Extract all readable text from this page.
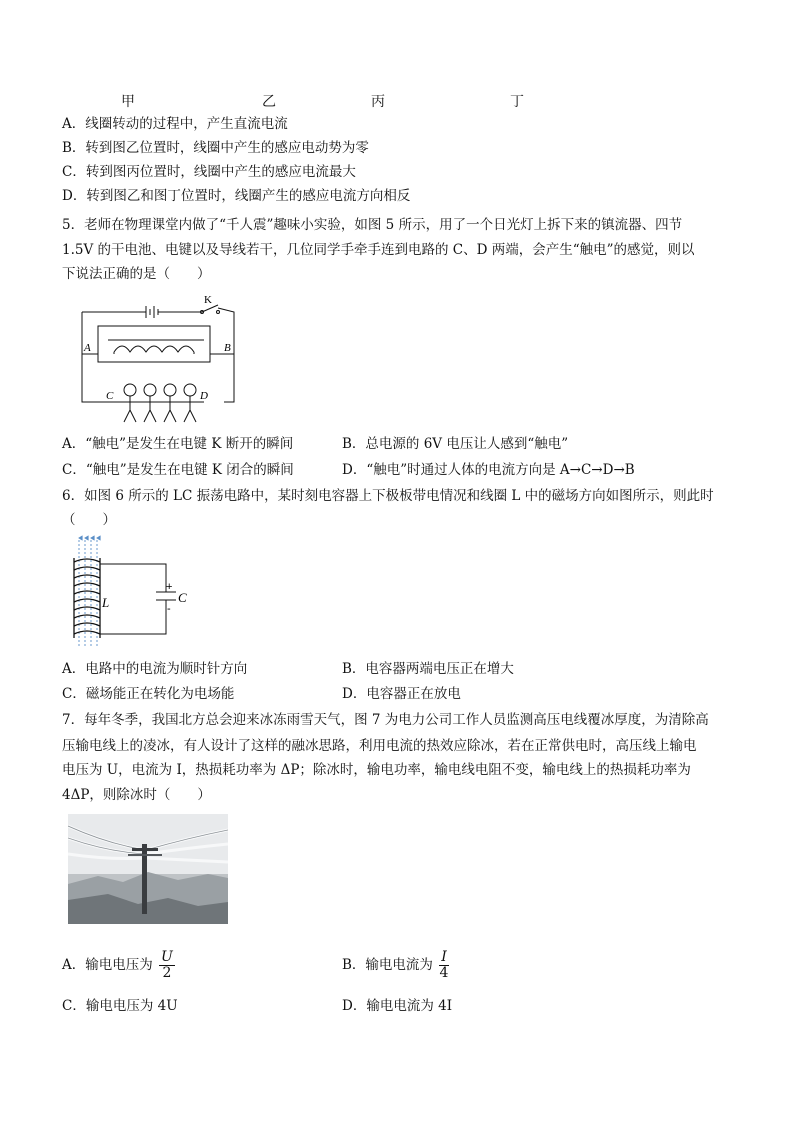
甲	乙	丙	丁
A．线圈转动的过程中，产生直流电流
B．转到图乙位置时，线圈中产生的感应电动势为零
C．转到图丙位置时，线圈中产生的感应电流最大
D．转到图乙和图丁位置时，线圈产生的感应电流方向相反
5．老师在物理课堂内做了“千人震”趣味小实验，如图 5 所示，用了一个日光灯上拆下来的镇流器、四节
1.5V 的干电池、电键以及导线若干，几位同学手牵手连到电路的 C、D 两端，会产生“触电”的感觉，则以
下说法正确的是（　　）
K
A	B
C	D
A．“触电”是发生在电键 K 断开的瞬间	B．总电源的 6V 电压让人感到“触电”
C．“触电”是发生在电键 K 闭合的瞬间	D．“触电”时通过人体的电流方向是 A→C→D→B
6．如图 6 所示的 LC 振荡电路中，某时刻电容器上下极板带电情况和线圈 L 中的磁场方向如图所示，则此时
（　　）
L	C
+
-
A．电路中的电流为顺时针方向	B．电容器两端电压正在增大
C．磁场能正在转化为电场能	D．电容器正在放电
7．每年冬季，我国北方总会迎来冰冻雨雪天气，图 7 为电力公司工作人员监测高压电线覆冰厚度，为清除高
压输电线上的凌冰，有人设计了这样的融冰思路，利用电流的热效应除冰，若在正常供电时，高压线上输电
电压为 U，电流为 I，热损耗功率为 ΔP；除冰时，输电功率，输电线电阻不变，输电线上的热损耗功率为
4ΔP，则除冰时（　　）
A．输电电压为 $\frac{U}{2}$	B．输电电流为 $\frac{I}{4}$
C．输电电压为 4U	D．输电电流为 4I
